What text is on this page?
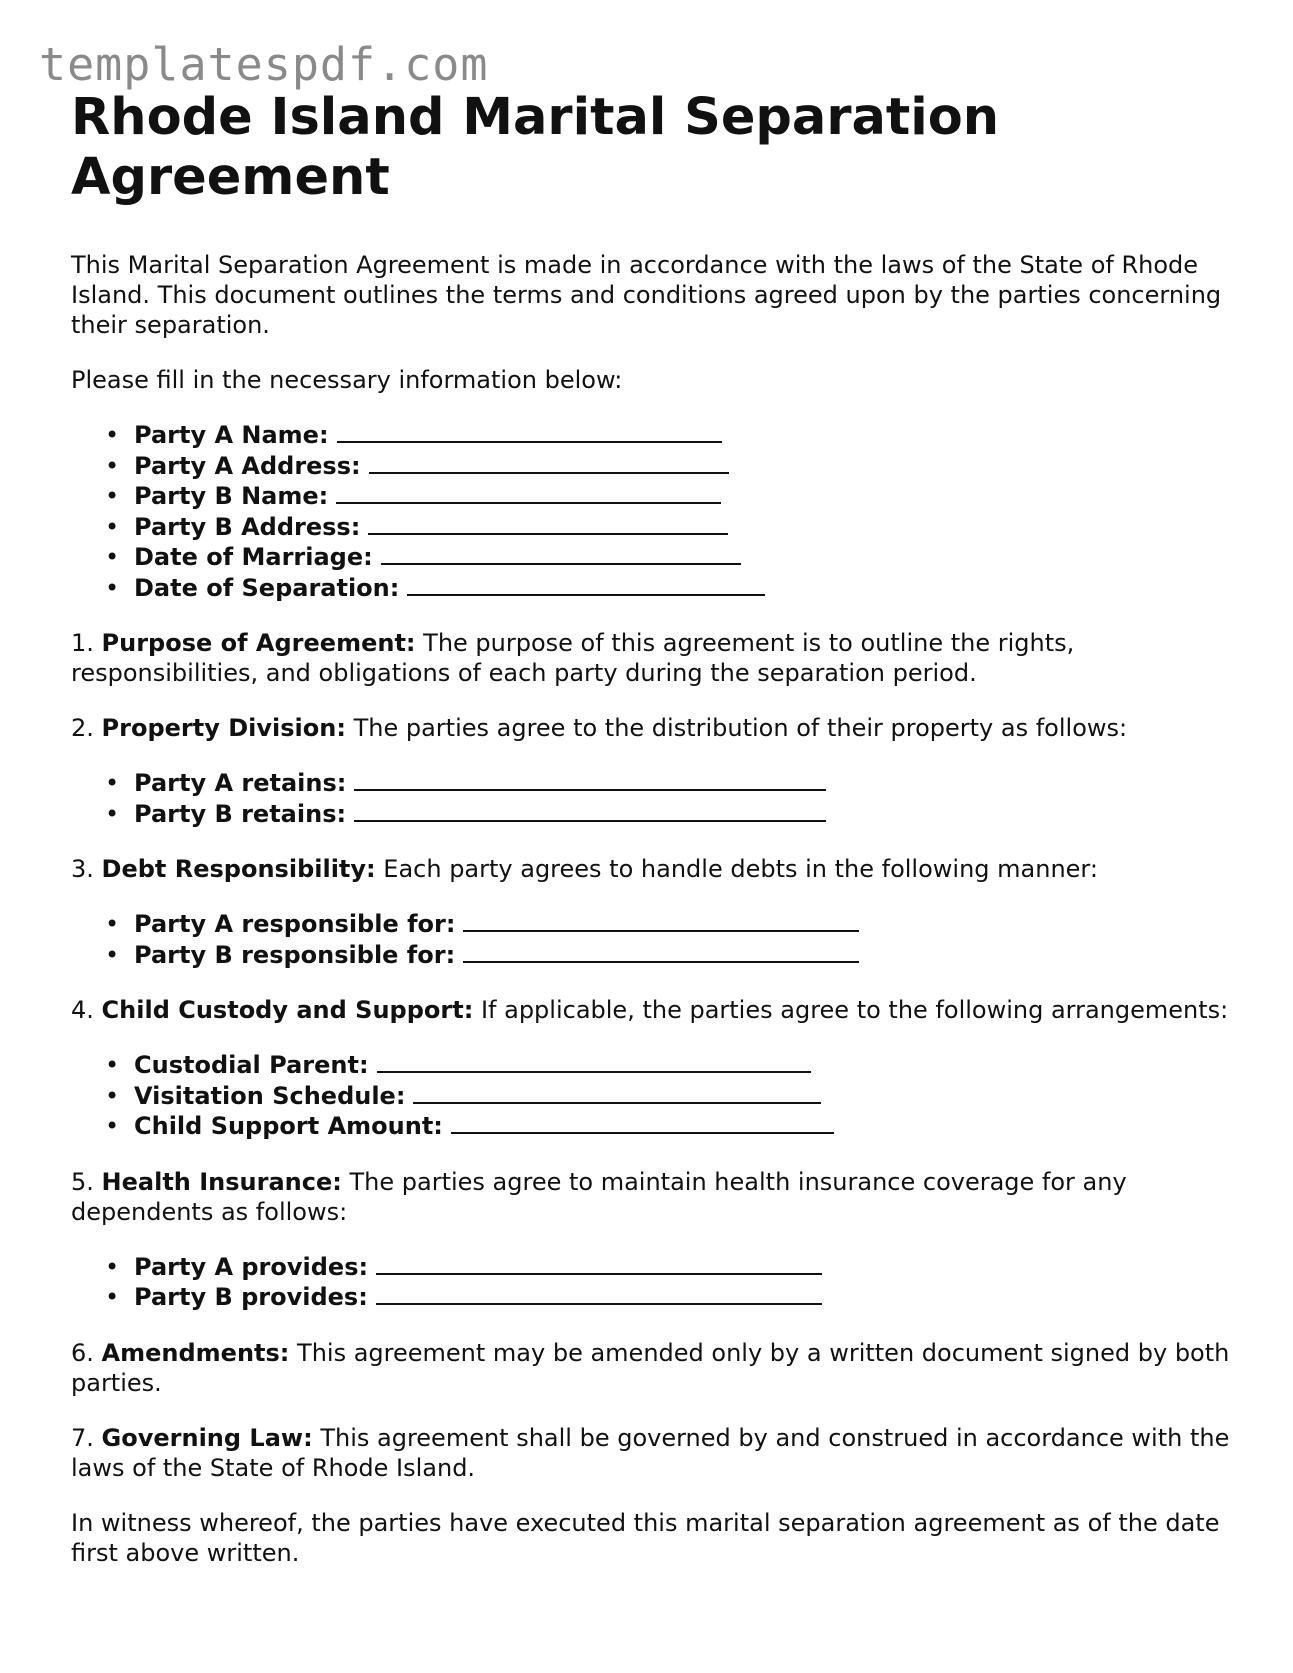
templatespdf.com
Rhode Island Marital Separation Agreement

This Marital Separation Agreement is made in accordance with the laws of the State of Rhode Island. This document outlines the terms and conditions agreed upon by the parties concerning their separation.

Please fill in the necessary information below:

• Party A Name:
• Party A Address:
• Party B Name:
• Party B Address:
• Date of Marriage:
• Date of Separation:

1. Purpose of Agreement: The purpose of this agreement is to outline the rights, responsibilities, and obligations of each party during the separation period.

2. Property Division: The parties agree to the distribution of their property as follows:

• Party A retains:
• Party B retains:

3. Debt Responsibility: Each party agrees to handle debts in the following manner:

• Party A responsible for:
• Party B responsible for:

4. Child Custody and Support: If applicable, the parties agree to the following arrangements:

• Custodial Parent:
• Visitation Schedule:
• Child Support Amount:

5. Health Insurance: The parties agree to maintain health insurance coverage for any dependents as follows:

• Party A provides:
• Party B provides:

6. Amendments: This agreement may be amended only by a written document signed by both parties.

7. Governing Law: This agreement shall be governed by and construed in accordance with the laws of the State of Rhode Island.

In witness whereof, the parties have executed this marital separation agreement as of the date first above written.
